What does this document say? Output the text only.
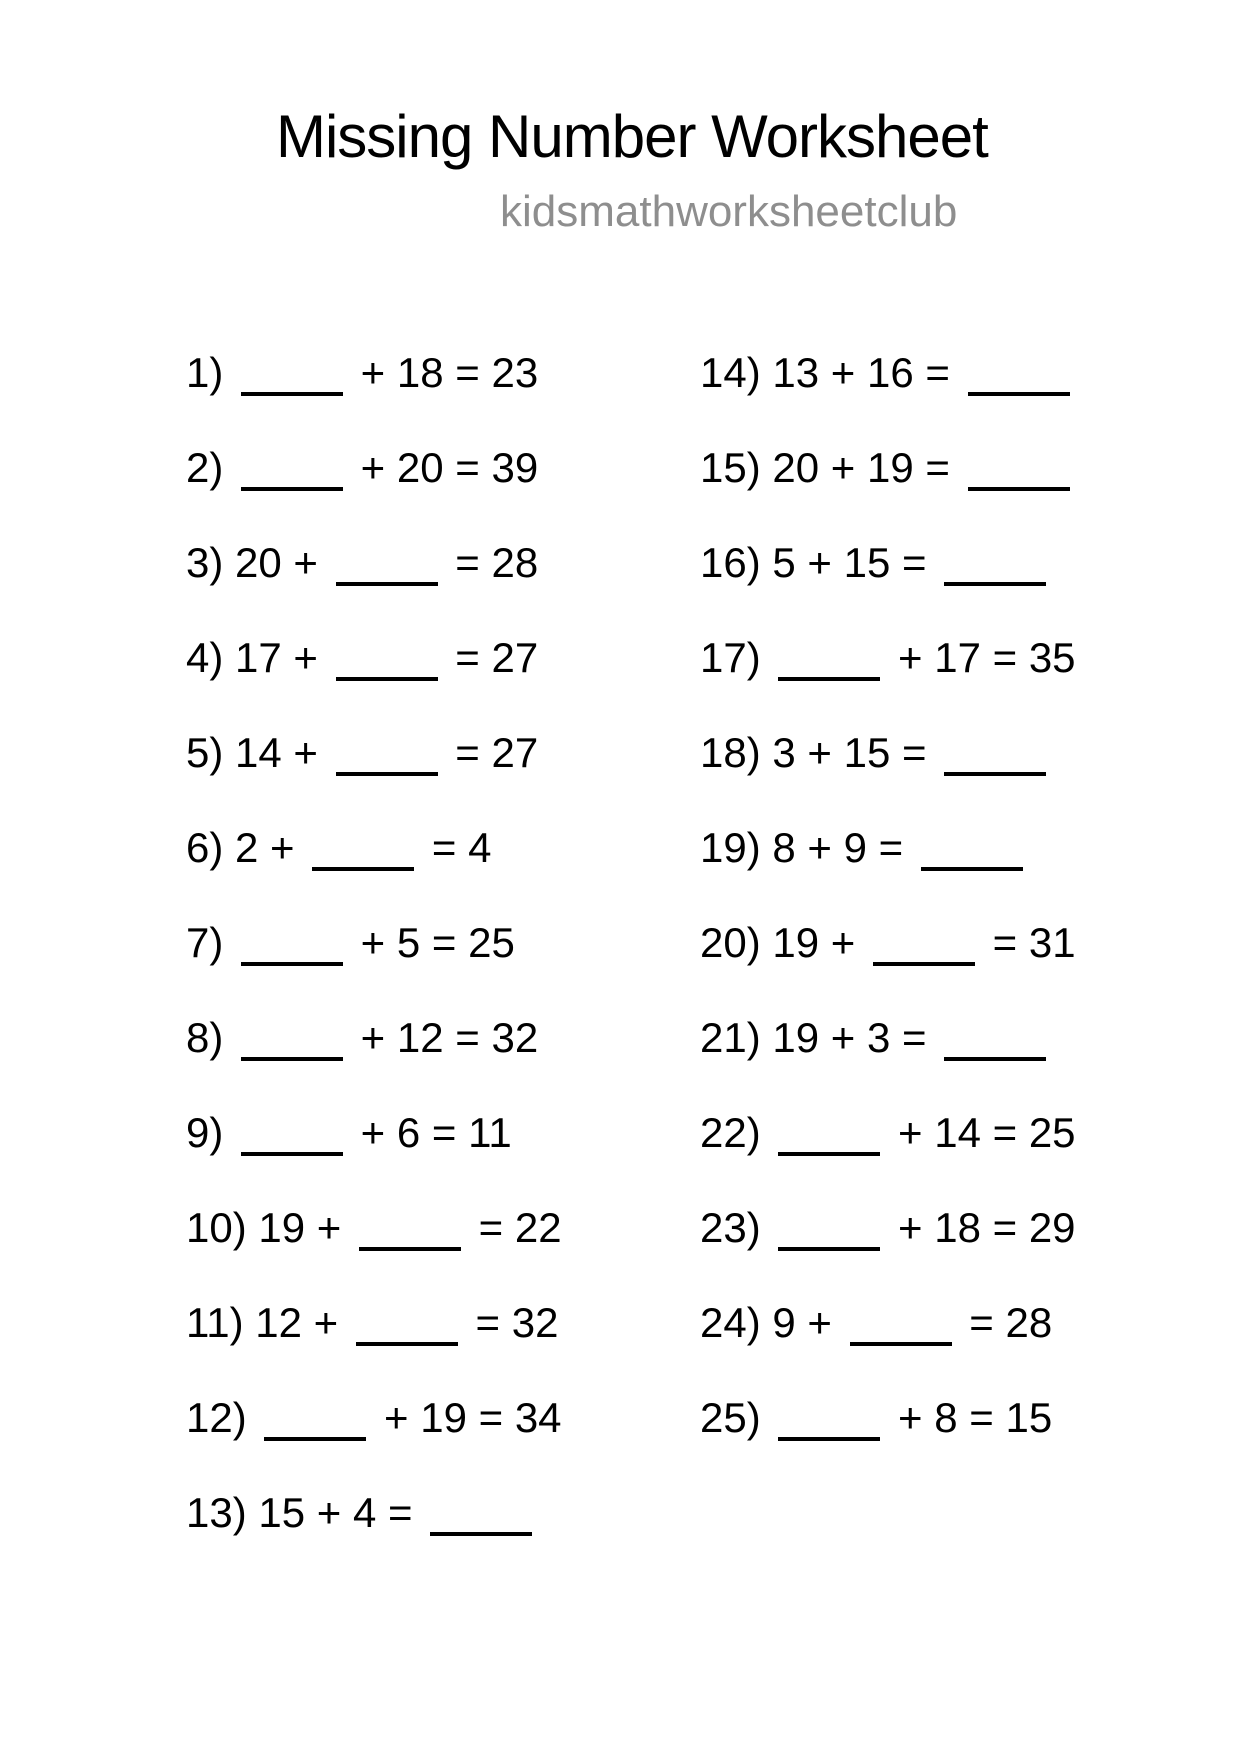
Missing Number Worksheet
kidsmathworksheetclub
1)	+ 18 = 23
2)	+ 20 = 39
3) 20 +	= 28
4) 17 +	= 27
5) 14 +	= 27
6) 2 +	= 4
7)	+ 5 = 25
8)	+ 12 = 32
9)	+ 6 = 11
10) 19 +	= 22
11) 12 +	= 32
12)	+ 19 = 34
13) 15 + 4 =
14) 13 + 16 =
15) 20 + 19 =
16) 5 + 15 =
17)	+ 17 = 35
18) 3 + 15 =
19) 8 + 9 =
20) 19 +	= 31
21) 19 + 3 =
22)	+ 14 = 25
23)	+ 18 = 29
24) 9 +	= 28
25)	+ 8 = 15
